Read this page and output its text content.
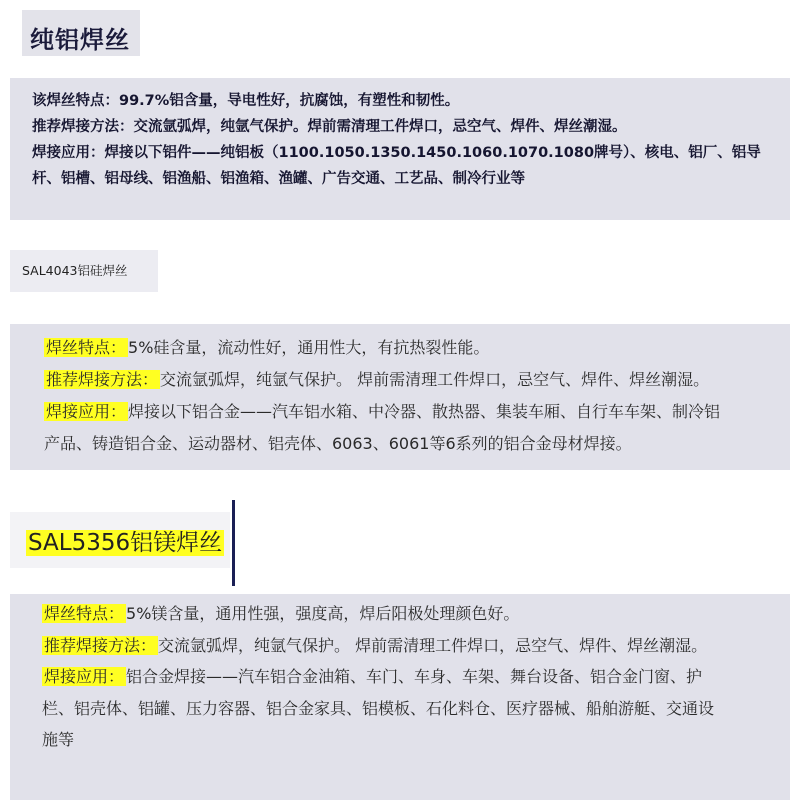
纯铝焊丝
该焊丝特点：99.7%铝含量，导电性好，抗腐蚀，有塑性和韧性。
推荐焊接方法：交流氩弧焊，纯氩气保护。焊前需清理工件焊口，忌空气、焊件、焊丝潮湿。
焊接应用：焊接以下铝件——纯铝板（1100.1050.1350.1450.1060.1070.1080牌号）、核电、铝厂、铝导
杆、铝槽、铝母线、铝渔船、铝渔箱、渔罐、广告交通、工艺品、制冷行业等
SAL4043铝硅焊丝
焊丝特点： 5%硅含量，流动性好，通用性大，有抗热裂性能。
推荐焊接方法： 交流氩弧焊，纯氩气保护。 焊前需清理工件焊口，忌空气、焊件、焊丝潮湿。
焊接应用： 焊接以下铝合金——汽车铝水箱、中冷器、散热器、集装车厢、自行车车架、制冷铝
产品、铸造铝合金、运动器材、铝壳体、6063、6061等6系列的铝合金母材焊接。
SAL5356铝镁焊丝
焊丝特点： 5%镁含量，通用性强，强度高，焊后阳极处理颜色好。
推荐焊接方法： 交流氩弧焊，纯氩气保护。 焊前需清理工件焊口，忌空气、焊件、焊丝潮湿。
焊接应用： 铝合金焊接——汽车铝合金油箱、车门、车身、车架、舞台设备、铝合金门窗、护
栏、铝壳体、铝罐、压力容器、铝合金家具、铝模板、石化料仓、医疗器械、船舶游艇、交通设
施等
